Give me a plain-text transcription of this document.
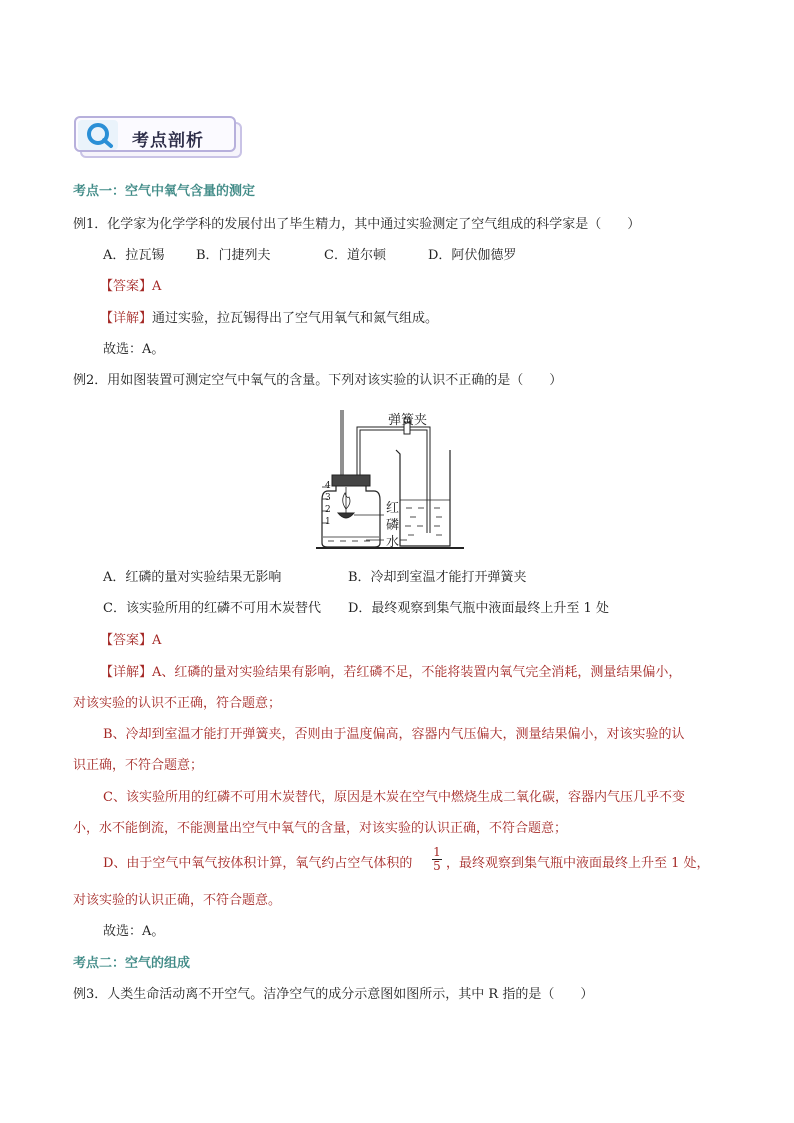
考点剖析
考点一：空气中氧气含量的测定
例1．化学家为化学学科的发展付出了毕生精力，其中通过实验测定了空气组成的科学家是（　　）
A．拉瓦锡 B．门捷列夫	C．道尔顿	D．阿伏伽德罗
【答案】A
【详解】通过实验，拉瓦锡得出了空气用氧气和氮气组成。
故选：A。
例2．用如图装置可测定空气中氧气的含量。下列对该实验的认识不正确的是（　　）
弹簧夹
红
磷
水
4
3
2
1
A．红磷的量对实验结果无影响	B．冷却到室温才能打开弹簧夹
C．该实验所用的红磷不可用木炭替代 D．最终观察到集气瓶中液面最终上升至 1 处
【答案】A
【详解】A、红磷的量对实验结果有影响，若红磷不足，不能将装置内氧气完全消耗，测量结果偏小，
对该实验的认识不正确，符合题意；
B、冷却到室温才能打开弹簧夹，否则由于温度偏高，容器内气压偏大，测量结果偏小，对该实验的认
识正确，不符合题意；
C、该实验所用的红磷不可用木炭替代，原因是木炭在空气中燃烧生成二氧化碳，容器内气压几乎不变
小，水不能倒流，不能测量出空气中氧气的含量，对该实验的认识正确，不符合题意；
D、由于空气中氧气按体积计算，氧气约占空气体积的 $\frac{1}{5}$ ，最终观察到集气瓶中液面最终上升至 1 处，
对该实验的认识正确，不符合题意。
故选：A。
考点二：空气的组成
例3．人类生命活动离不开空气。洁净空气的成分示意图如图所示，其中 R 指的是（　　）
